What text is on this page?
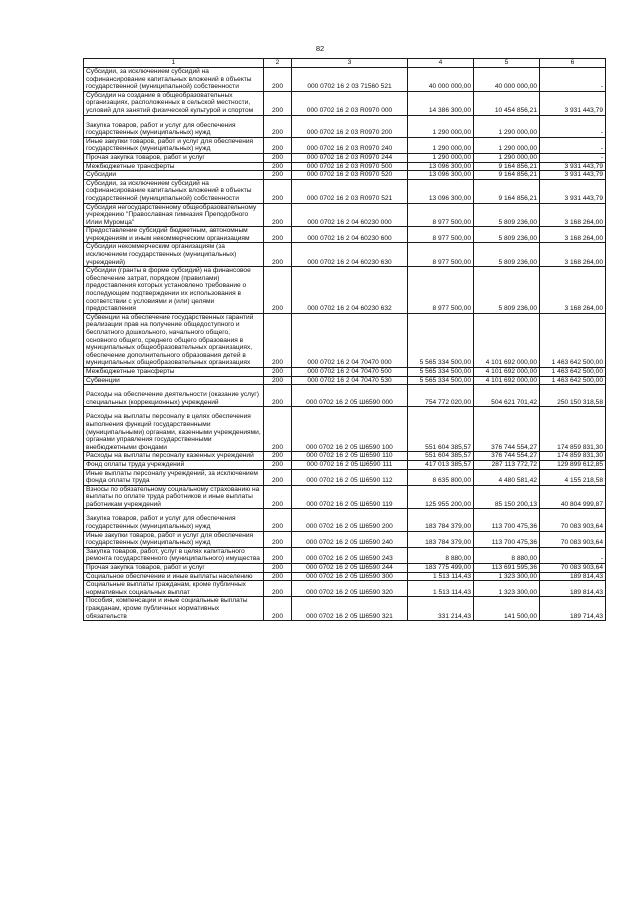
82
1	2	3	4	5	6
Субсидии, за исключением субсидий на софинансирование капитальных вложений в объекты государственной (муниципальной) собственности	200	000 0702 16 2 03 71560 521	40 000 000,00	40 000 000,00	-
Субсидии на создание в общеобразовательных организациях, расположенных в сельской местности, условий для занятий физической культурой и спортом	200	000 0702 16 2 03 R0970 000	14 386 300,00	10 454 856,21	3 931 443,79
Закупка товаров, работ и услуг для обеспечения государственных (муниципальных) нужд	200	000 0702 16 2 03 R0970 200	1 290 000,00	1 290 000,00	-
Иные закупки товаров, работ и услуг для обеспечения государственных (муниципальных) нужд	200	000 0702 16 2 03 R0970 240	1 290 000,00	1 290 000,00	-
Прочая закупка товаров, работ и услуг	200	000 0702 16 2 03 R0970 244	1 290 000,00	1 290 000,00	-
Межбюджетные трансферты	200	000 0702 16 2 03 R0970 500	13 096 300,00	9 164 856,21	3 931 443,79
Субсидии	200	000 0702 16 2 03 R0970 520	13 096 300,00	9 164 856,21	3 931 443,79
Субсидии, за исключением субсидий на софинансирование капитальных вложений в объекты государственной (муниципальной) собственности	200	000 0702 16 2 03 R0970 521	13 096 300,00	9 164 856,21	3 931 443,79
Субсидия негосударственному общеобразовательному учреждению "Православная гимназия Преподобного Илии Муромца"	200	000 0702 16 2 04 60230 000	8 977 500,00	5 809 236,00	3 168 264,00
Предоставление субсидий бюджетным, автономным учреждениям и иным некоммерческим организациям	200	000 0702 16 2 04 60230 600	8 977 500,00	5 809 236,00	3 168 264,00
Субсидии некоммерческим организациям (за исключением государственных (муниципальных) учреждений)	200	000 0702 16 2 04 60230 630	8 977 500,00	5 809 236,00	3 168 264,00
Субсидии (гранты в форме субсидий) на финансовое обеспечение затрат, порядком (правилами) предоставления которых установлено требование о последующем подтверждении их использования в соответствии с условиями и (или) целями предоставления	200	000 0702 16 2 04 60230 632	8 977 500,00	5 809 236,00	3 168 264,00
Субвенции на обеспечение государственных гарантий реализации прав на получение общедоступного и бесплатного дошкольного, начального общего, основного общего, среднего общего образования в муниципальных общеобразовательных организациях, обеспечение дополнительного образования детей в муниципальных общеобразовательных организациях	200	000 0702 16 2 04 70470 000	5 565 334 500,00	4 101 692 000,00	1 463 642 500,00
Межбюджетные трансферты	200	000 0702 16 2 04 70470 500	5 565 334 500,00	4 101 692 000,00	1 463 642 500,00
Субвенции	200	000 0702 16 2 04 70470 530	5 565 334 500,00	4 101 692 000,00	1 463 642 500,00
Расходы на обеспечение деятельности (оказание услуг) специальных (коррекционных) учреждений	200	000 0702 16 2 05 Ш6590 000	754 772 020,00	504 621 701,42	250 150 318,58
Расходы на выплаты персоналу в целях обеспечения выполнения функций государственными (муниципальными) органами, казенными учреждениями, органами управления государственными внебюджетными фондами	200	000 0702 16 2 05 Ш6590 100	551 604 385,57	376 744 554,27	174 859 831,30
Расходы на выплаты персоналу казенных учреждений	200	000 0702 16 2 05 Ш6590 110	551 604 385,57	376 744 554,27	174 859 831,30
Фонд оплаты труда учреждений	200	000 0702 16 2 05 Ш6590 111	417 013 385,57	287 113 772,72	129 899 612,85
Иные выплаты персоналу учреждений, за исключением фонда оплаты труда	200	000 0702 16 2 05 Ш6590 112	8 635 800,00	4 480 581,42	4 155 218,58
Взносы по обязательному социальному страхованию на выплаты по оплате труда работников и иные выплаты работникам учреждений	200	000 0702 16 2 05 Ш6590 119	125 955 200,00	85 150 200,13	40 804 999,87
Закупка товаров, работ и услуг для обеспечения государственных (муниципальных) нужд	200	000 0702 16 2 05 Ш6590 200	183 784 379,00	113 700 475,36	70 083 903,64
Иные закупки товаров, работ и услуг для обеспечения государственных (муниципальных) нужд	200	000 0702 16 2 05 Ш6590 240	183 784 379,00	113 700 475,36	70 083 903,64
Закупка товаров, работ, услуг в целях капитального ремонта государственного (муниципального) имущества	200	000 0702 16 2 05 Ш6590 243	8 880,00	8 880,00	-
Прочая закупка товаров, работ и услуг	200	000 0702 16 2 05 Ш6590 244	183 775 499,00	113 691 595,36	70 083 903,64
Социальное обеспечение и иные выплаты населению	200	000 0702 16 2 05 Ш6590 300	1 513 114,43	1 323 300,00	189 814,43
Социальные выплаты гражданам, кроме публичных нормативных социальных выплат	200	000 0702 16 2 05 Ш6590 320	1 513 114,43	1 323 300,00	189 814,43
Пособия, компенсации и иные социальные выплаты гражданам, кроме публичных нормативных обязательств	200	000 0702 16 2 05 Ш6590 321	331 214,43	141 500,00	189 714,43
